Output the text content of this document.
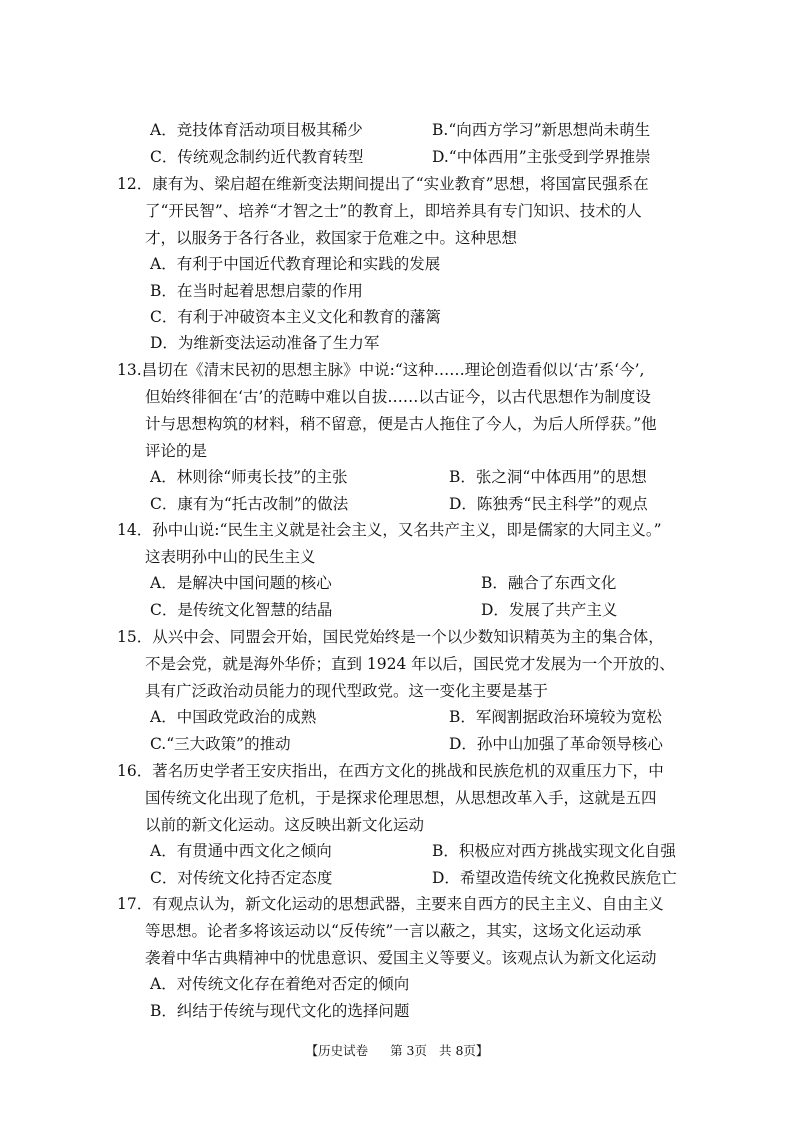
A．竞技体育活动项目极其稀少	B.“向西方学习”新思想尚未萌生
C．传统观念制约近代教育转型	D.“中体西用”主张受到学界推崇
12．康有为、梁启超在维新变法期间提出了“实业教育”思想，将国富民强系在
了“开民智”、培养“才智之士”的教育上，即培养具有专门知识、技术的人
才，以服务于各行各业，救国家于危难之中。这种思想
A．有利于中国近代教育理论和实践的发展
B．在当时起着思想启蒙的作用
C．有利于冲破资本主义文化和教育的藩篱
D．为维新变法运动准备了生力军
13.昌切在《清末民初的思想主脉》中说:“这种……理论创造看似以‘古’系‘今’,
但始终徘徊在‘古’的范畴中难以自拔……以古证今，以古代思想作为制度设
计与思想构筑的材料，稍不留意，便是古人拖住了今人，为后人所俘获。”他
评论的是
A．林则徐“师夷长技”的主张	B．张之洞“中体西用”的思想
C．康有为“托古改制”的做法	D．陈独秀“民主科学”的观点
14．孙中山说:“民生主义就是社会主义，又名共产主义，即是儒家的大同主义。”
这表明孙中山的民生主义
A．是解决中国问题的核心	B．融合了东西文化
C．是传统文化智慧的结晶	D．发展了共产主义
15．从兴中会、同盟会开始，国民党始终是一个以少数知识精英为主的集合体，
不是会党，就是海外华侨；直到 1924 年以后，国民党才发展为一个开放的、
具有广泛政治动员能力的现代型政党。这一变化主要是基于
A．中国政党政治的成熟	B．军阀割据政治环境较为宽松
C.“三大政策”的推动	D．孙中山加强了革命领导核心
16．著名历史学者王安庆指出，在西方文化的挑战和民族危机的双重压力下，中
国传统文化出现了危机，于是探求伦理思想，从思想改革入手，这就是五四
以前的新文化运动。这反映出新文化运动
A．有贯通中西文化之倾向	B．积极应对西方挑战实现文化自强
C．对传统文化持否定态度	D．希望改造传统文化挽救民族危亡
17．有观点认为，新文化运动的思想武器，主要来自西方的民主主义、自由主义
等思想。论者多将该运动以“反传统”一言以蔽之，其实，这场文化运动承
袭着中华古典精神中的忧患意识、爱国主义等要义。该观点认为新文化运动
A．对传统文化存在着绝对否定的倾向
B．纠结于传统与现代文化的选择问题
【历史试卷 第 3页 共 8页】
